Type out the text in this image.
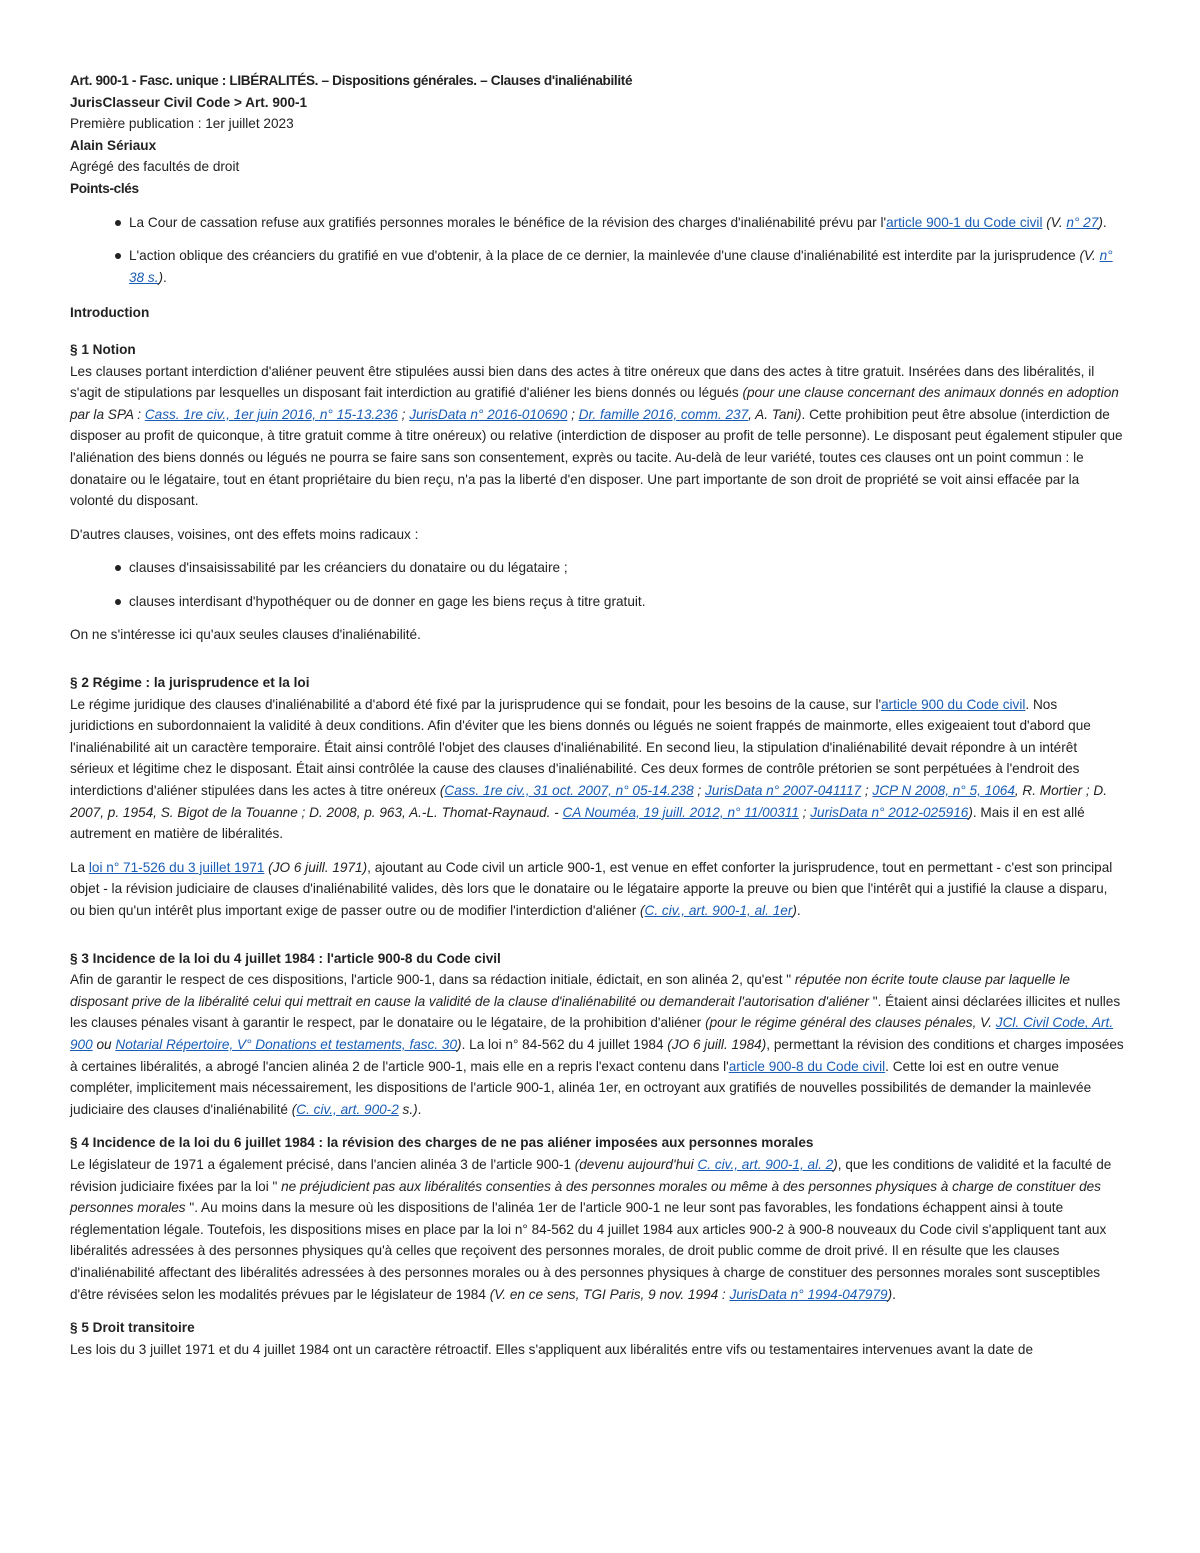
Art. 900-1 - Fasc. unique : LIBÉRALITÉS. – Dispositions générales. – Clauses d'inaliénabilité
JurisClasseur Civil Code > Art. 900-1
Première publication : 1er juillet 2023
Alain Sériaux
Agrégé des facultés de droit
Points-clés
La Cour de cassation refuse aux gratifiés personnes morales le bénéfice de la révision des charges d'inaliénabilité prévu par l'article 900-1 du Code civil (V. n° 27).
L'action oblique des créanciers du gratifié en vue d'obtenir, à la place de ce dernier, la mainlevée d'une clause d'inaliénabilité est interdite par la jurisprudence (V. n° 38 s.).
Introduction
§ 1 Notion

Les clauses portant interdiction d'aliéner peuvent être stipulées aussi bien dans des actes à titre onéreux que dans des actes à titre gratuit. Insérées dans des libéralités, il s'agit de stipulations par lesquelles un disposant fait interdiction au gratifié d'aliéner les biens donnés ou légués (pour une clause concernant des animaux donnés en adoption par la SPA : Cass. 1re civ., 1er juin 2016, n° 15-13.236 ; JurisData n° 2016-010690 ; Dr. famille 2016, comm. 237, A. Tani). Cette prohibition peut être absolue (interdiction de disposer au profit de quiconque, à titre gratuit comme à titre onéreux) ou relative (interdiction de disposer au profit de telle personne). Le disposant peut également stipuler que l'aliénation des biens donnés ou légués ne pourra se faire sans son consentement, exprès ou tacite. Au-delà de leur variété, toutes ces clauses ont un point commun : le donataire ou le légataire, tout en étant propriétaire du bien reçu, n'a pas la liberté d'en disposer. Une part importante de son droit de propriété se voit ainsi effacée par la volonté du disposant.

D'autres clauses, voisines, ont des effets moins radicaux :

clauses d'insaisissabilité par les créanciers du donataire ou du légataire ;
clauses interdisant d'hypothéquer ou de donner en gage les biens reçus à titre gratuit.

On ne s'intéresse ici qu'aux seules clauses d'inaliénabilité.

§ 2 Régime : la jurisprudence et la loi

Le régime juridique des clauses d'inaliénabilité a d'abord été fixé par la jurisprudence qui se fondait, pour les besoins de la cause, sur l'article 900 du Code civil. Nos juridictions en subordonnaient la validité à deux conditions. Afin d'éviter que les biens donnés ou légués ne soient frappés de mainmorte, elles exigeaient tout d'abord que l'inaliénabilité ait un caractère temporaire. Était ainsi contrôlé l'objet des clauses d'inaliénabilité. En second lieu, la stipulation d'inaliénabilité devait répondre à un intérêt sérieux et légitime chez le disposant. Était ainsi contrôlée la cause des clauses d'inaliénabilité. Ces deux formes de contrôle prétorien se sont perpétuées à l'endroit des interdictions d'aliéner stipulées dans les actes à titre onéreux (Cass. 1re civ., 31 oct. 2007, n° 05-14.238 ; JurisData n° 2007-041117 ; JCP N 2008, n° 5, 1064, R. Mortier ; D. 2007, p. 1954, S. Bigot de la Touanne ; D. 2008, p. 963, A.-L. Thomat-Raynaud. - CA Nouméa, 19 juill. 2012, n° 11/00311 ; JurisData n° 2012-025916). Mais il en est allé autrement en matière de libéralités.

La loi n° 71-526 du 3 juillet 1971 (JO 6 juill. 1971), ajoutant au Code civil un article 900-1, est venue en effet conforter la jurisprudence, tout en permettant - c'est son principal objet - la révision judiciaire de clauses d'inaliénabilité valides, dès lors que le donataire ou le légataire apporte la preuve ou bien que l'intérêt qui a justifié la clause a disparu, ou bien qu'un intérêt plus important exige de passer outre ou de modifier l'interdiction d'aliéner (C. civ., art. 900-1, al. 1er).

§ 3 Incidence de la loi du 4 juillet 1984 : l'article 900-8 du Code civil

Afin de garantir le respect de ces dispositions, l'article 900-1, dans sa rédaction initiale, édictait, en son alinéa 2, qu'est " réputée non écrite toute clause par laquelle le disposant prive de la libéralité celui qui mettrait en cause la validité de la clause d'inaliénabilité ou demanderait l'autorisation d'aliéner ". Étaient ainsi déclarées illicites et nulles les clauses pénales visant à garantir le respect, par le donataire ou le légataire, de la prohibition d'aliéner (pour le régime général des clauses pénales, V. JCl. Civil Code, Art. 900 ou Notarial Répertoire, V° Donations et testaments, fasc. 30). La loi n° 84-562 du 4 juillet 1984 (JO 6 juill. 1984), permettant la révision des conditions et charges imposées à certaines libéralités, a abrogé l'ancien alinéa 2 de l'article 900-1, mais elle en a repris l'exact contenu dans l'article 900-8 du Code civil. Cette loi est en outre venue compléter, implicitement mais nécessairement, les dispositions de l'article 900-1, alinéa 1er, en octroyant aux gratifiés de nouvelles possibilités de demander la mainlevée judiciaire des clauses d'inaliénabilité (C. civ., art. 900-2 s.).

§ 4 Incidence de la loi du 6 juillet 1984 : la révision des charges de ne pas aliéner imposées aux personnes morales

Le législateur de 1971 a également précisé, dans l'ancien alinéa 3 de l'article 900-1 (devenu aujourd'hui C. civ., art. 900-1, al. 2), que les conditions de validité et la faculté de révision judiciaire fixées par la loi " ne préjudicient pas aux libéralités consenties à des personnes morales ou même à des personnes physiques à charge de constituer des personnes morales ". Au moins dans la mesure où les dispositions de l'alinéa 1er de l'article 900-1 ne leur sont pas favorables, les fondations échappent ainsi à toute réglementation légale. Toutefois, les dispositions mises en place par la loi n° 84-562 du 4 juillet 1984 aux articles 900-2 à 900-8 nouveaux du Code civil s'appliquent tant aux libéralités adressées à des personnes physiques qu'à celles que reçoivent des personnes morales, de droit public comme de droit privé. Il en résulte que les clauses d'inaliénabilité affectant des libéralités adressées à des personnes morales ou à des personnes physiques à charge de constituer des personnes morales sont susceptibles d'être révisées selon les modalités prévues par le législateur de 1984 (V. en ce sens, TGI Paris, 9 nov. 1994 : JurisData n° 1994-047979).

§ 5 Droit transitoire

Les lois du 3 juillet 1971 et du 4 juillet 1984 ont un caractère rétroactif. Elles s'appliquent aux libéralités entre vifs ou testamentaires intervenues avant la date de
